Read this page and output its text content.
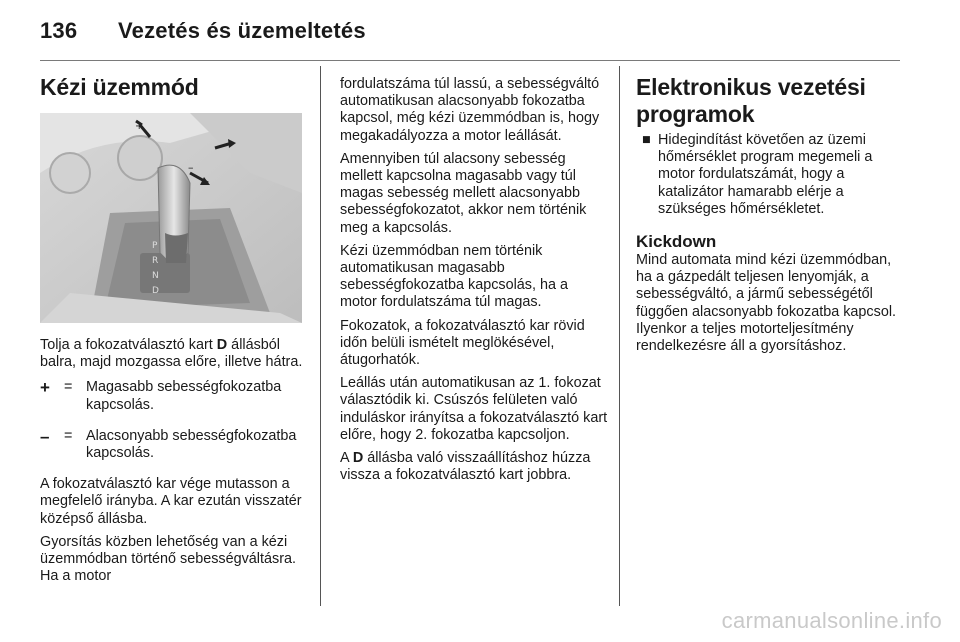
136 Vezetés és üzemeltetés
Kézi üzemmód
P
R
N
D
+
–

Tolja a fokozatválasztó kart D állásból balra, majd mozgassa előre, illetve hátra.

+ = Magasabb sebességfokozatba kapcsolás.
–	= Alacsonyabb sebességfokozatba kapcsolás.

A fokozatválasztó kar vége mutasson a megfelelő irányba. A kar ezután visszatér középső állásba.

Gyorsítás közben lehetőség van a kézi üzemmódban történő sebességváltásra. Ha a motor

fordulatszáma túl lassú, a sebességváltó automatikusan alacsonyabb fokozatba kapcsol, még kézi üzemmódban is, hogy megakadályozza a motor leállását.

Amennyiben túl alacsony sebesség mellett kapcsolna magasabb vagy túl magas sebesség mellett alacsonyabb sebességfokozatot, akkor nem történik meg a kapcsolás.

Kézi üzemmódban nem történik automatikusan magasabb sebességfokozatba kapcsolás, ha a motor fordulatszáma túl magas.

Fokozatok, a fokozatválasztó kar rövid időn belüli ismételt meglökésével, átugorhatók.

Leállás után automatikusan az 1. fokozat választódik ki. Csúszós felületen való induláskor irányítsa a fokozatválasztó kart előre, hogy 2. fokozatba kapcsoljon.

A D állásba való visszaállításhoz húzza vissza a fokozatválasztó kart jobbra.

Elektronikus vezetési programok
■ Hidegindítást követően az üzemi hőmérséklet program megemeli a motor fordulatszámát, hogy a katalizátor hamarabb elérje a szükséges hőmérsékletet.
Kickdown

Mind automata mind kézi üzemmódban, ha a gázpedált teljesen lenyomják, a sebességváltó, a jármű sebességétől függően alacsonyabb fokozatba kapcsol. Ilyenkor a teljes motorteljesítmény rendelkezésre áll a gyorsításhoz.

carmanualsonline.info
